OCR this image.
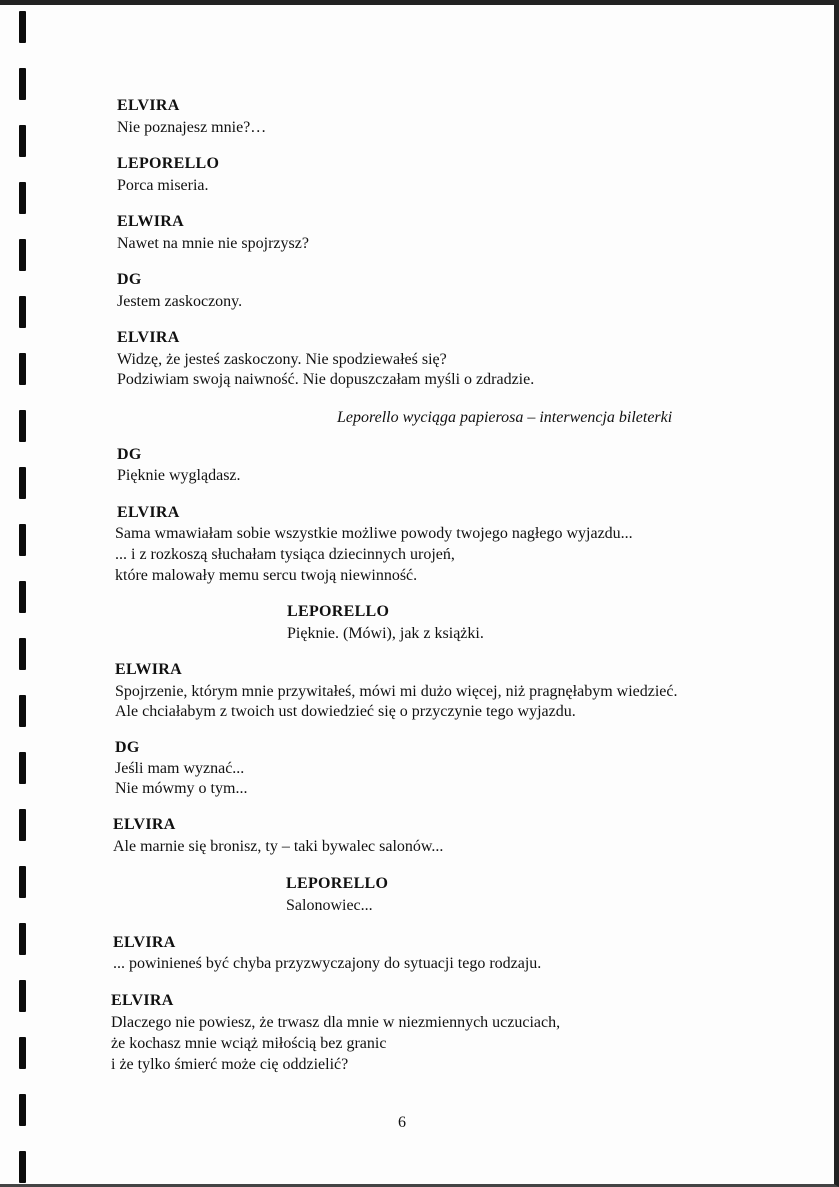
ELVIRA
Nie poznajesz mnie?…
LEPORELLO
Porca miseria.
ELWIRA
Nawet na mnie nie spojrzysz?
DG
Jestem zaskoczony.
ELVIRA
Widzę, że jesteś zaskoczony. Nie spodziewałeś się?
Podziwiam swoją naiwność. Nie dopuszczałam myśli o zdradzie.
Leporello wyciąga papierosa – interwencja bileterki
DG
Pięknie wyglądasz.
ELVIRA
Sama wmawiałam sobie wszystkie możliwe powody twojego nagłego wyjazdu...
... i z rozkoszą słuchałam tysiąca dziecinnych urojeń,
które malowały memu sercu twoją niewinność.
LEPORELLO
Pięknie. (Mówi), jak z książki.
ELWIRA
Spojrzenie, którym mnie przywitałeś, mówi mi dużo więcej, niż pragnęłabym wiedzieć.
Ale chciałabym z twoich ust dowiedzieć się o przyczynie tego wyjazdu.
DG
Jeśli mam wyznać...
Nie mówmy o tym...
ELVIRA
Ale marnie się bronisz, ty – taki bywalec salonów...
LEPORELLO
Salonowiec...
ELVIRA
... powinieneś być chyba przyzwyczajony do sytuacji tego rodzaju.
ELVIRA
Dlaczego nie powiesz, że trwasz dla mnie w niezmiennych uczuciach,
że kochasz mnie wciąż miłością bez granic
i że tylko śmierć może cię oddzielić?
6
